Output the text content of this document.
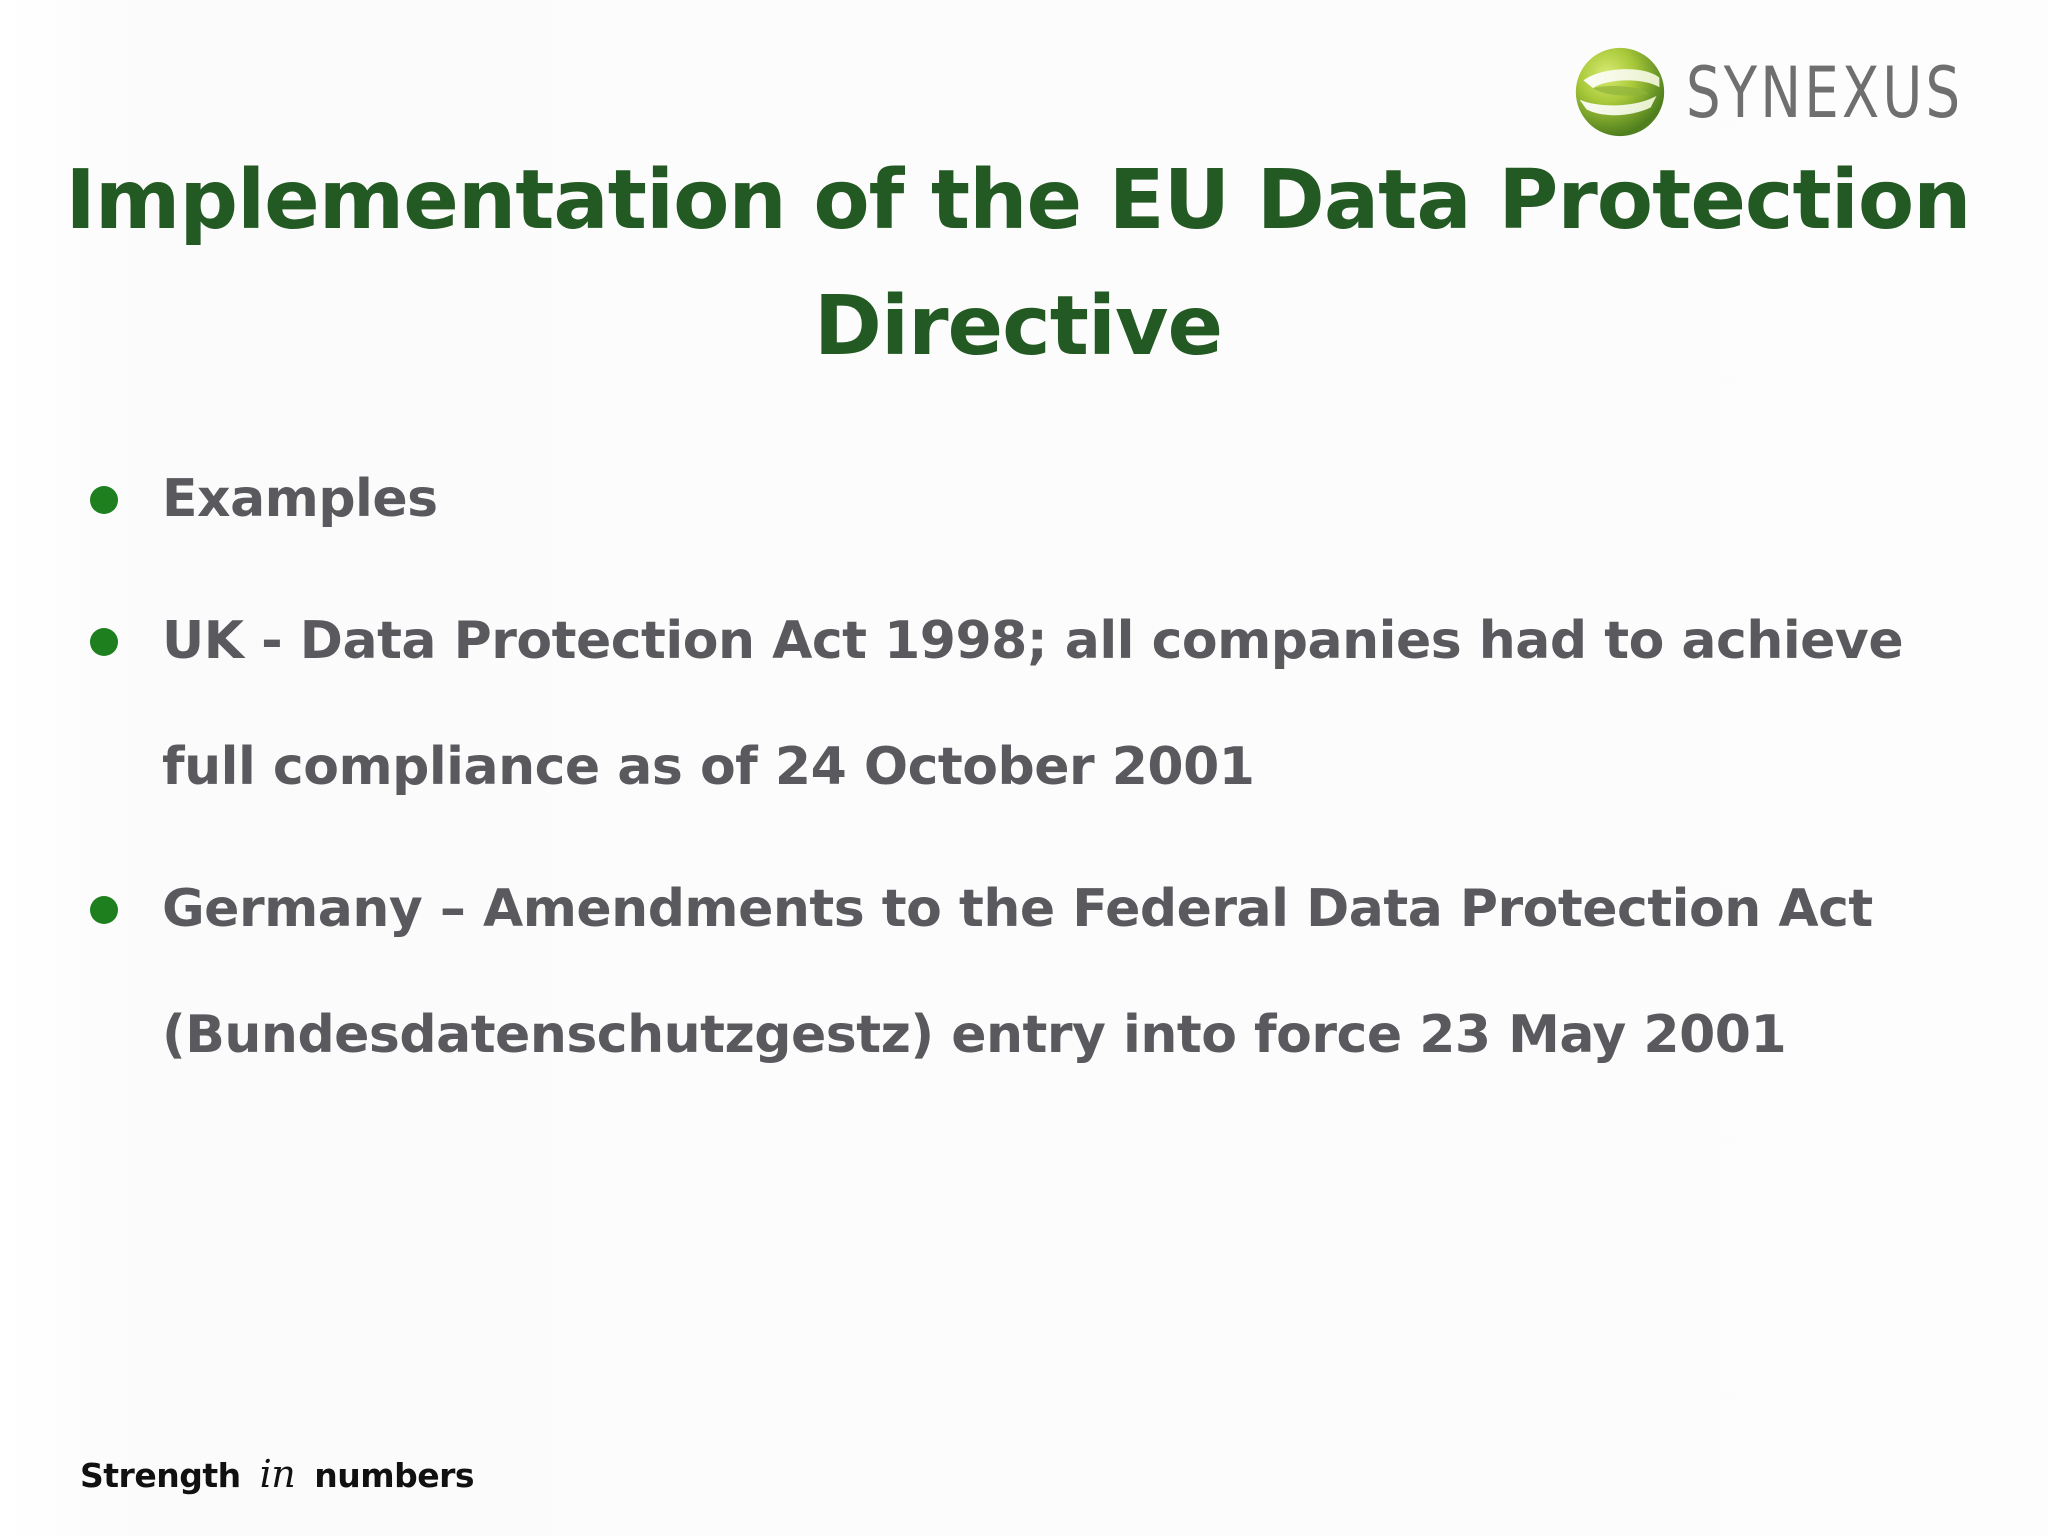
SYNEXUS
Implementation of the EU Data Protection Directive
Examples
UK - Data Protection Act 1998; all companies had to achieve full compliance as of 24 October 2001
Germany – Amendments to the Federal Data Protection Act (Bundesdatenschutzgestz) entry into force 23 May 2001
Strength in numbers
